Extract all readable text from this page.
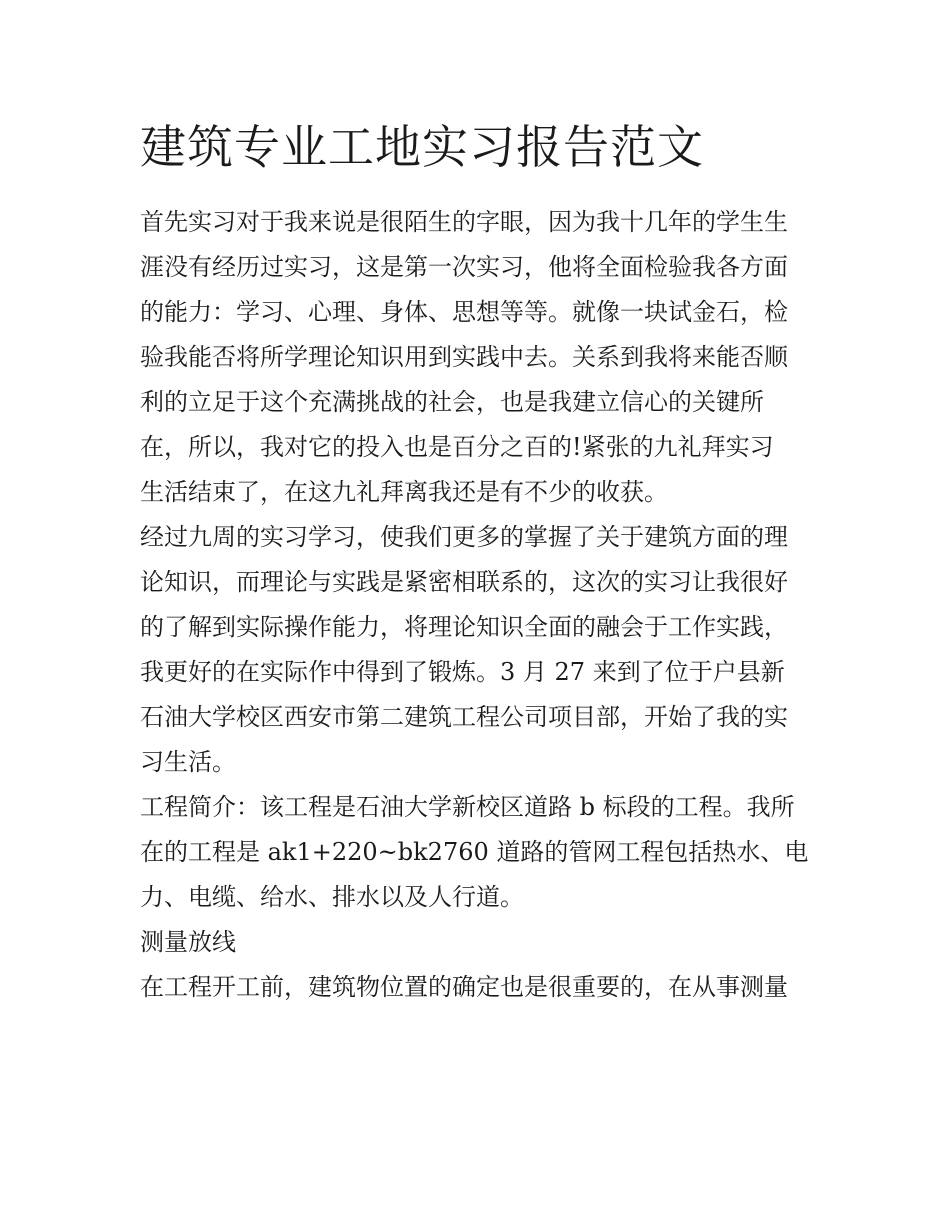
建筑专业工地实习报告范文

首先实习对于我来说是很陌生的字眼，因为我十几年的学生生
涯没有经历过实习，这是第一次实习，他将全面检验我各方面
的能力：学习、心理、身体、思想等等。就像一块试金石，检
验我能否将所学理论知识用到实践中去。关系到我将来能否顺
利的立足于这个充满挑战的社会，也是我建立信心的关键所
在，所以，我对它的投入也是百分之百的!紧张的九礼拜实习
生活结束了，在这九礼拜离我还是有不少的收获。

经过九周的实习学习，使我们更多的掌握了关于建筑方面的理
论知识，而理论与实践是紧密相联系的，这次的实习让我很好
的了解到实际操作能力，将理论知识全面的融会于工作实践，
我更好的在实际作中得到了锻炼。3 月 27 来到了位于户县新
石油大学校区西安市第二建筑工程公司项目部，开始了我的实
习生活。

工程简介：该工程是石油大学新校区道路 b 标段的工程。我所
在的工程是 ak1+220~bk2760 道路的管网工程包括热水、电
力、电缆、给水、排水以及人行道。

测量放线

在工程开工前，建筑物位置的确定也是很重要的，在从事测量
